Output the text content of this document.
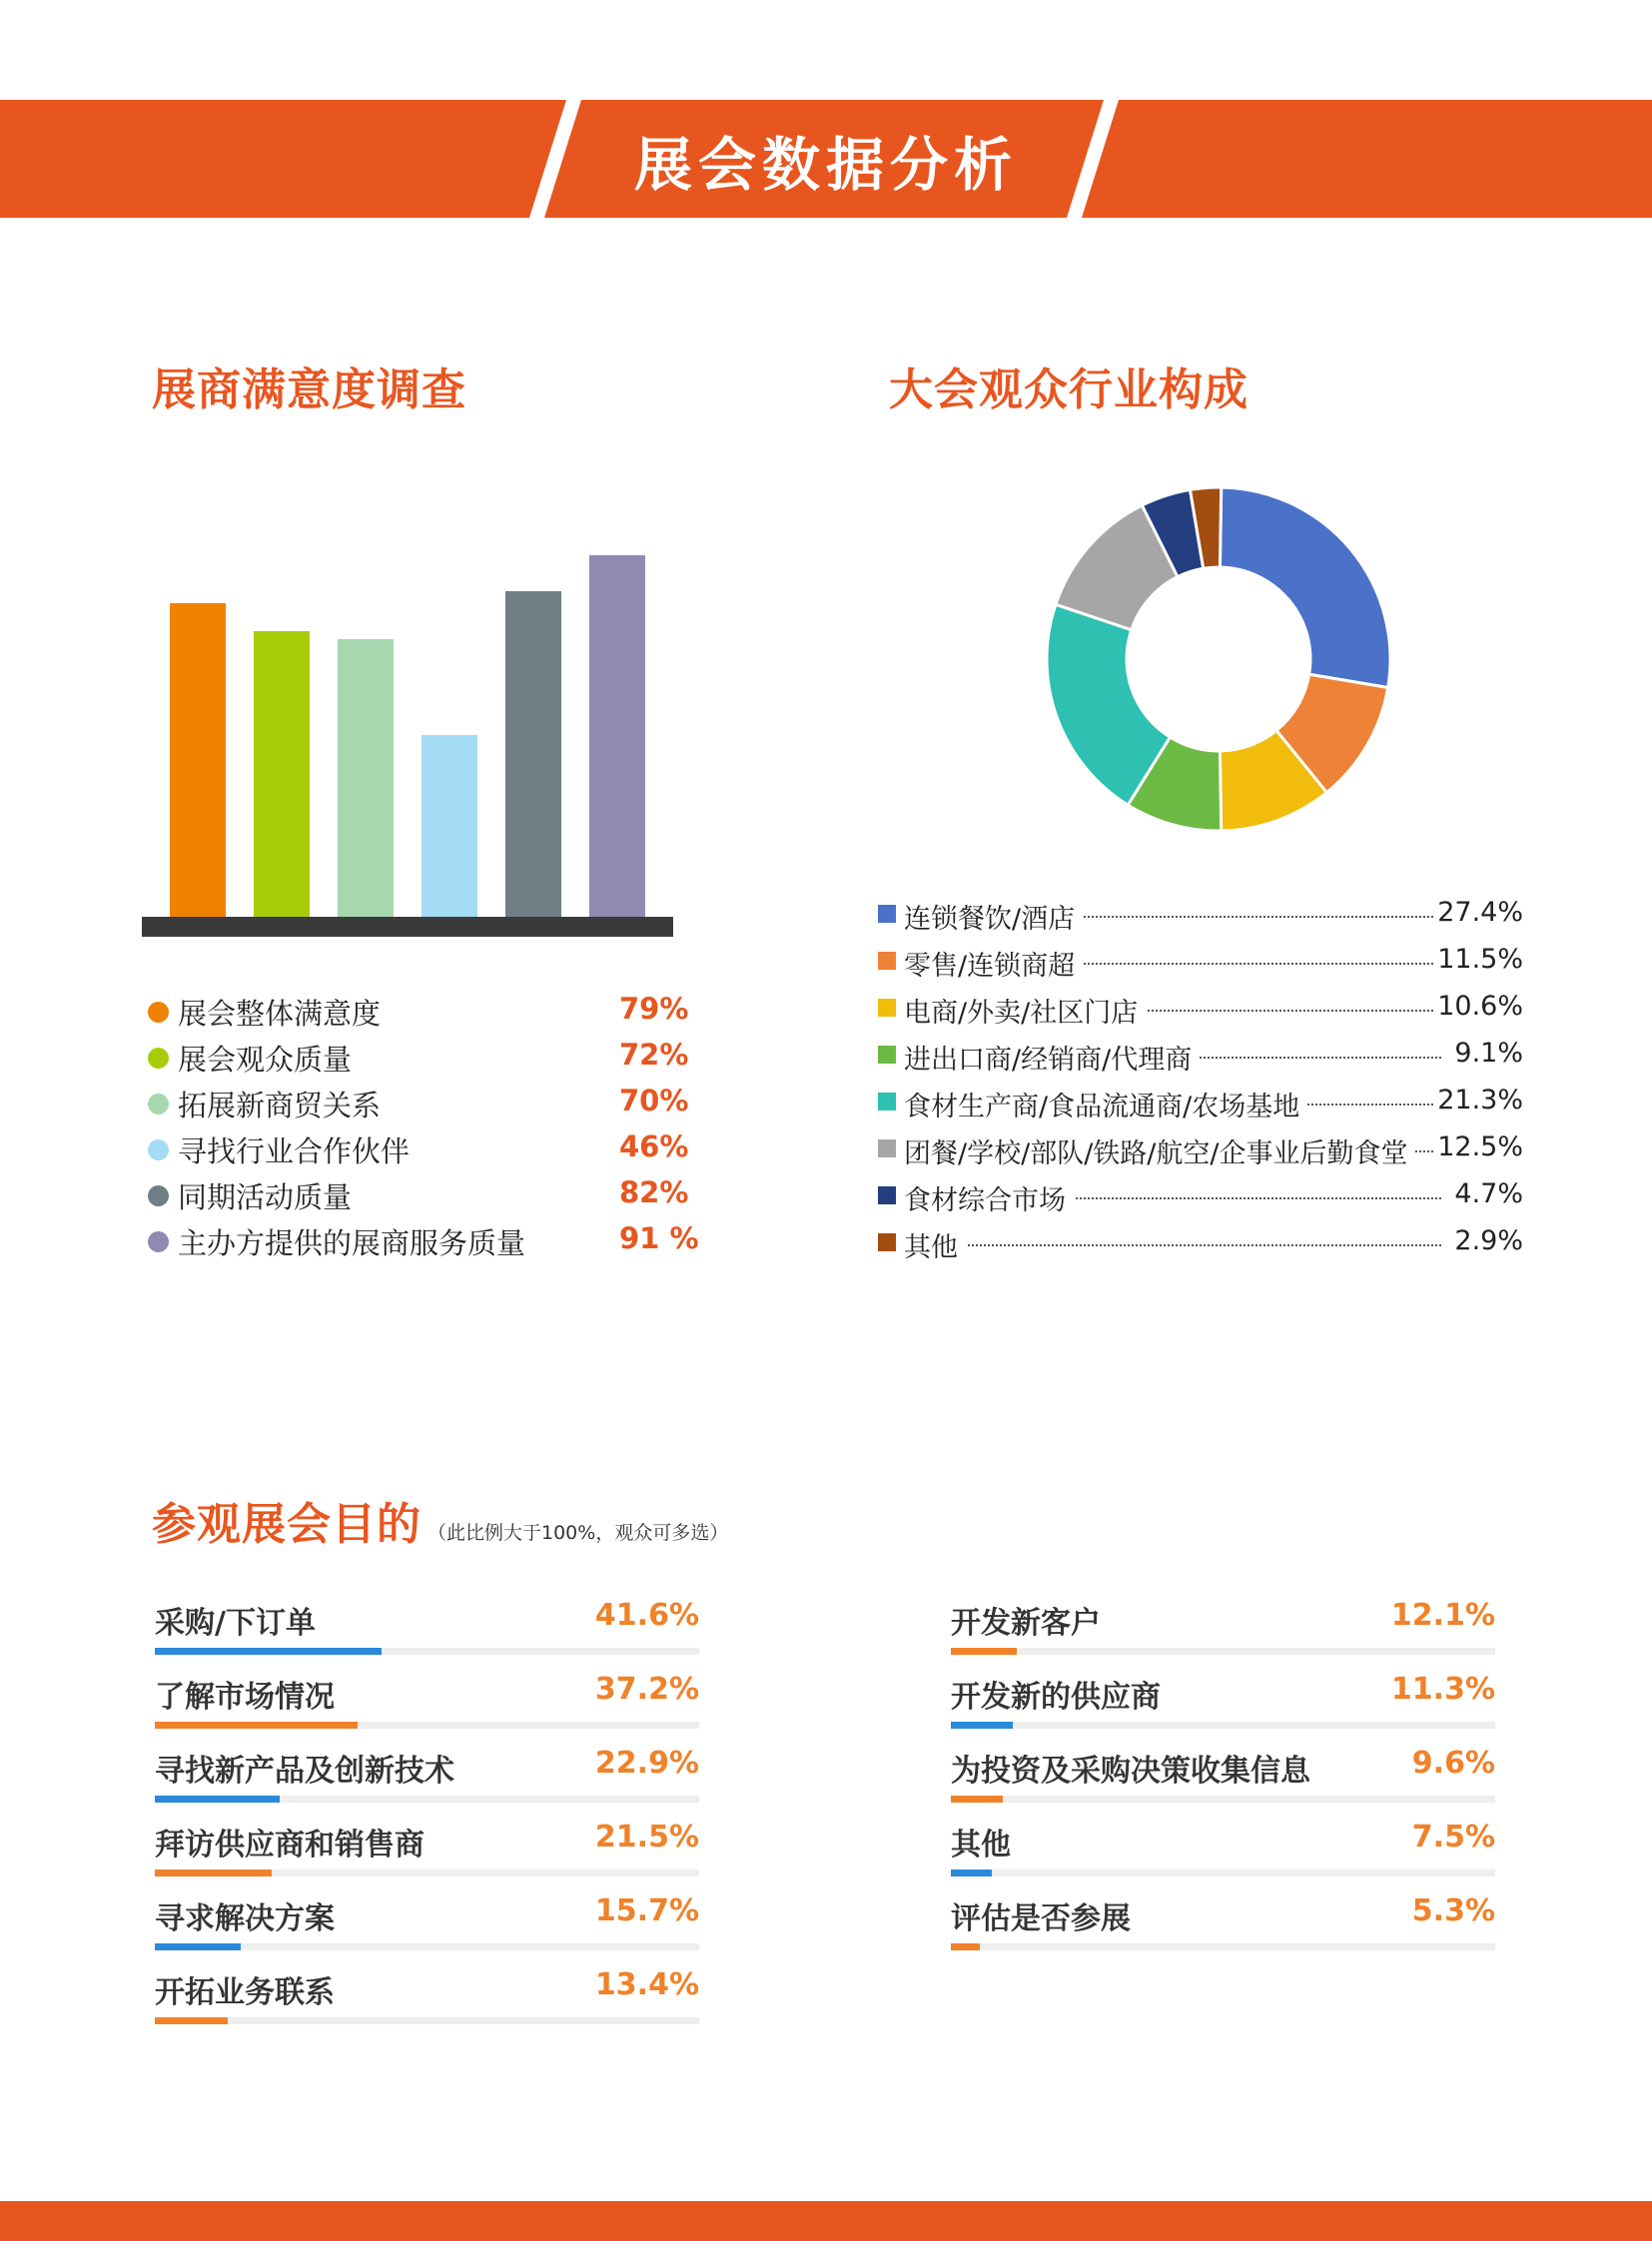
展会数据分析
展商满意度调查
展会整体满意度	79%
展会观众质量	72%
拓展新商贸关系	70%
寻找行业合作伙伴	46%
同期活动质量	82%
主办方提供的展商服务质量	91 %
大会观众行业构成
连锁餐饮/酒店	27.4%
零售/连锁商超	11.5%
电商/外卖/社区门店	10.6%
进出口商/经销商/代理商	9.1%
食材生产商/食品流通商/农场基地	21.3%
团餐/学校/部队/铁路/航空/企事业后勤食堂 12.5%
食材综合市场	4.7%
其他	2.9%
参观展会目的 （此比例大于100%，观众可多选）
采购/下订单	41.6%
了解市场情况	37.2%
寻找新产品及创新技术	22.9%
拜访供应商和销售商	21.5%
寻求解决方案	15.7%
开拓业务联系	13.4%
开发新客户	12.1%
开发新的供应商	11.3%
为投资及采购决策收集信息	9.6%
其他	7.5%
评估是否参展	5.3%
